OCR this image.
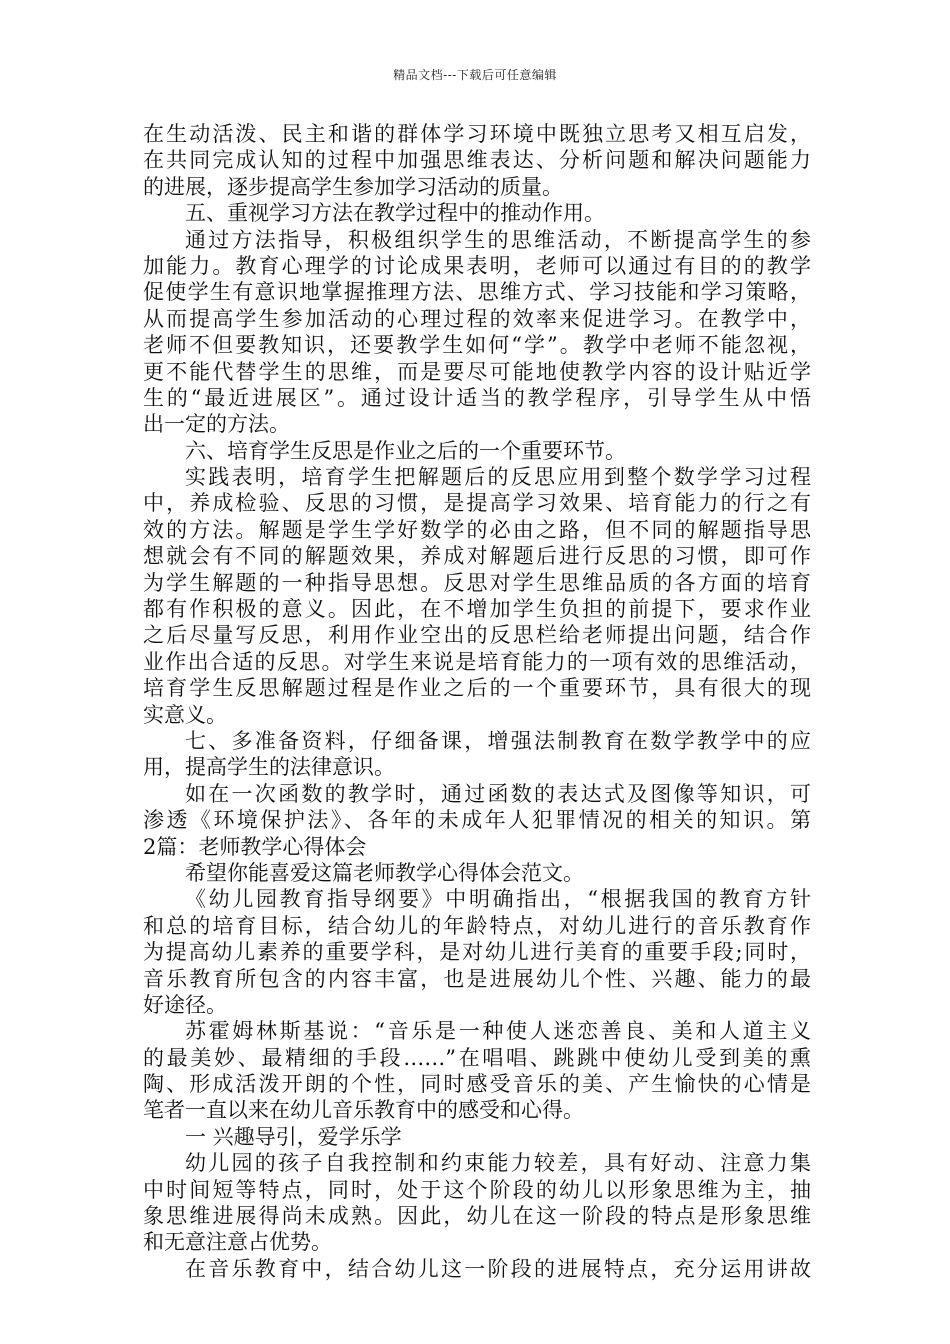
精品文档---下载后可任意编辑
在生动活泼、民主和谐的群体学习环境中既独立思考又相互启发，
在共同完成认知的过程中加强思维表达、分析问题和解决问题能力
的进展，逐步提高学生参加学习活动的质量。
五、重视学习方法在教学过程中的推动作用。
通过方法指导，积极组织学生的思维活动，不断提高学生的参
加能力。教育心理学的讨论成果表明，老师可以通过有目的的教学
促使学生有意识地掌握推理方法、思维方式、学习技能和学习策略，
从而提高学生参加活动的心理过程的效率来促进学习。在教学中，
老师不但要教知识，还要教学生如何“学”。教学中老师不能忽视，
更不能代替学生的思维，而是要尽可能地使教学内容的设计贴近学
生的“最近进展区”。通过设计适当的教学程序，引导学生从中悟
出一定的方法。
六、培育学生反思是作业之后的一个重要环节。
实践表明，培育学生把解题后的反思应用到整个数学学习过程
中，养成检验、反思的习惯，是提高学习效果、培育能力的行之有
效的方法。解题是学生学好数学的必由之路，但不同的解题指导思
想就会有不同的解题效果，养成对解题后进行反思的习惯，即可作
为学生解题的一种指导思想。反思对学生思维品质的各方面的培育
都有作积极的意义。因此，在不增加学生负担的前提下，要求作业
之后尽量写反思，利用作业空出的反思栏给老师提出问题，结合作
业作出合适的反思。对学生来说是培育能力的一项有效的思维活动，
培育学生反思解题过程是作业之后的一个重要环节，具有很大的现
实意义。
七、多准备资料，仔细备课，增强法制教育在数学教学中的应
用，提高学生的法律意识。
如在一次函数的教学时，通过函数的表达式及图像等知识，可
渗透《环境保护法》、各年的未成年人犯罪情况的相关的知识。第
2篇：老师教学心得体会
希望你能喜爱这篇老师教学心得体会范文。
《幼儿园教育指导纲要》中明确指出，“根据我国的教育方针
和总的培育目标，结合幼儿的年龄特点，对幼儿进行的音乐教育作
为提高幼儿素养的重要学科，是对幼儿进行美育的重要手段;同时，
音乐教育所包含的内容丰富，也是进展幼儿个性、兴趣、能力的最
好途径。
苏霍姆林斯基说：“音乐是一种使人迷恋善良、美和人道主义
的最美妙、最精细的手段……”在唱唱、跳跳中使幼儿受到美的熏
陶、形成活泼开朗的个性，同时感受音乐的美、产生愉快的心情是
笔者一直以来在幼儿音乐教育中的感受和心得。
一 兴趣导引，爱学乐学
幼儿园的孩子自我控制和约束能力较差，具有好动、注意力集
中时间短等特点，同时，处于这个阶段的幼儿以形象思维为主，抽
象思维进展得尚未成熟。因此，幼儿在这一阶段的特点是形象思维
和无意注意占优势。
在音乐教育中，结合幼儿这一阶段的进展特点，充分运用讲故
